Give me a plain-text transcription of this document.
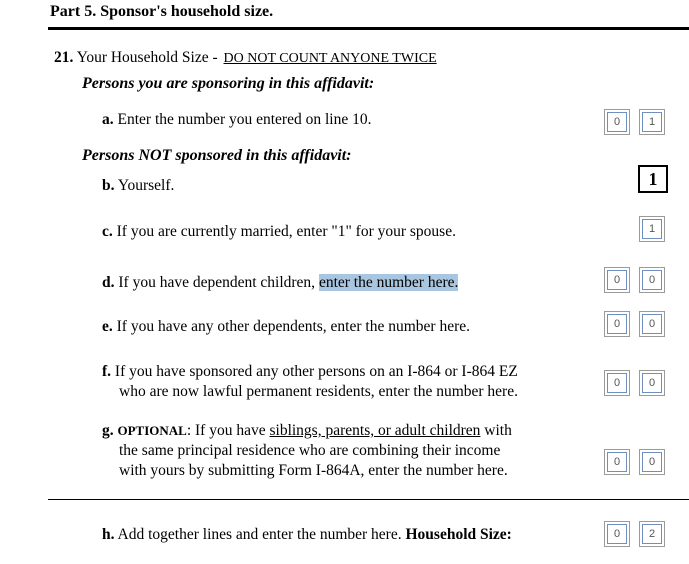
Part 5. Sponsor's household size.
21. Your Household Size - DO NOT COUNT ANYONE TWICE
Persons you are sponsoring in this affidavit:
a. Enter the number you entered on line 10.	0	1
Persons NOT sponsored in this affidavit:
b. Yourself.	1
c. If you are currently married, enter "1" for your spouse.	1
d. If you have dependent children, enter the number here.	0	0
e. If you have any other dependents, enter the number here.	0	0
f. If you have sponsored any other persons on an I-864 or I-864 EZ
who are now lawful permanent residents, enter the number here.	0	0
g. OPTIONAL: If you have siblings, parents, or adult children with
the same principal residence who are combining their income
with yours by submitting Form I-864A, enter the number here.	0	0
h. Add together lines and enter the number here. Household Size:	0	2
